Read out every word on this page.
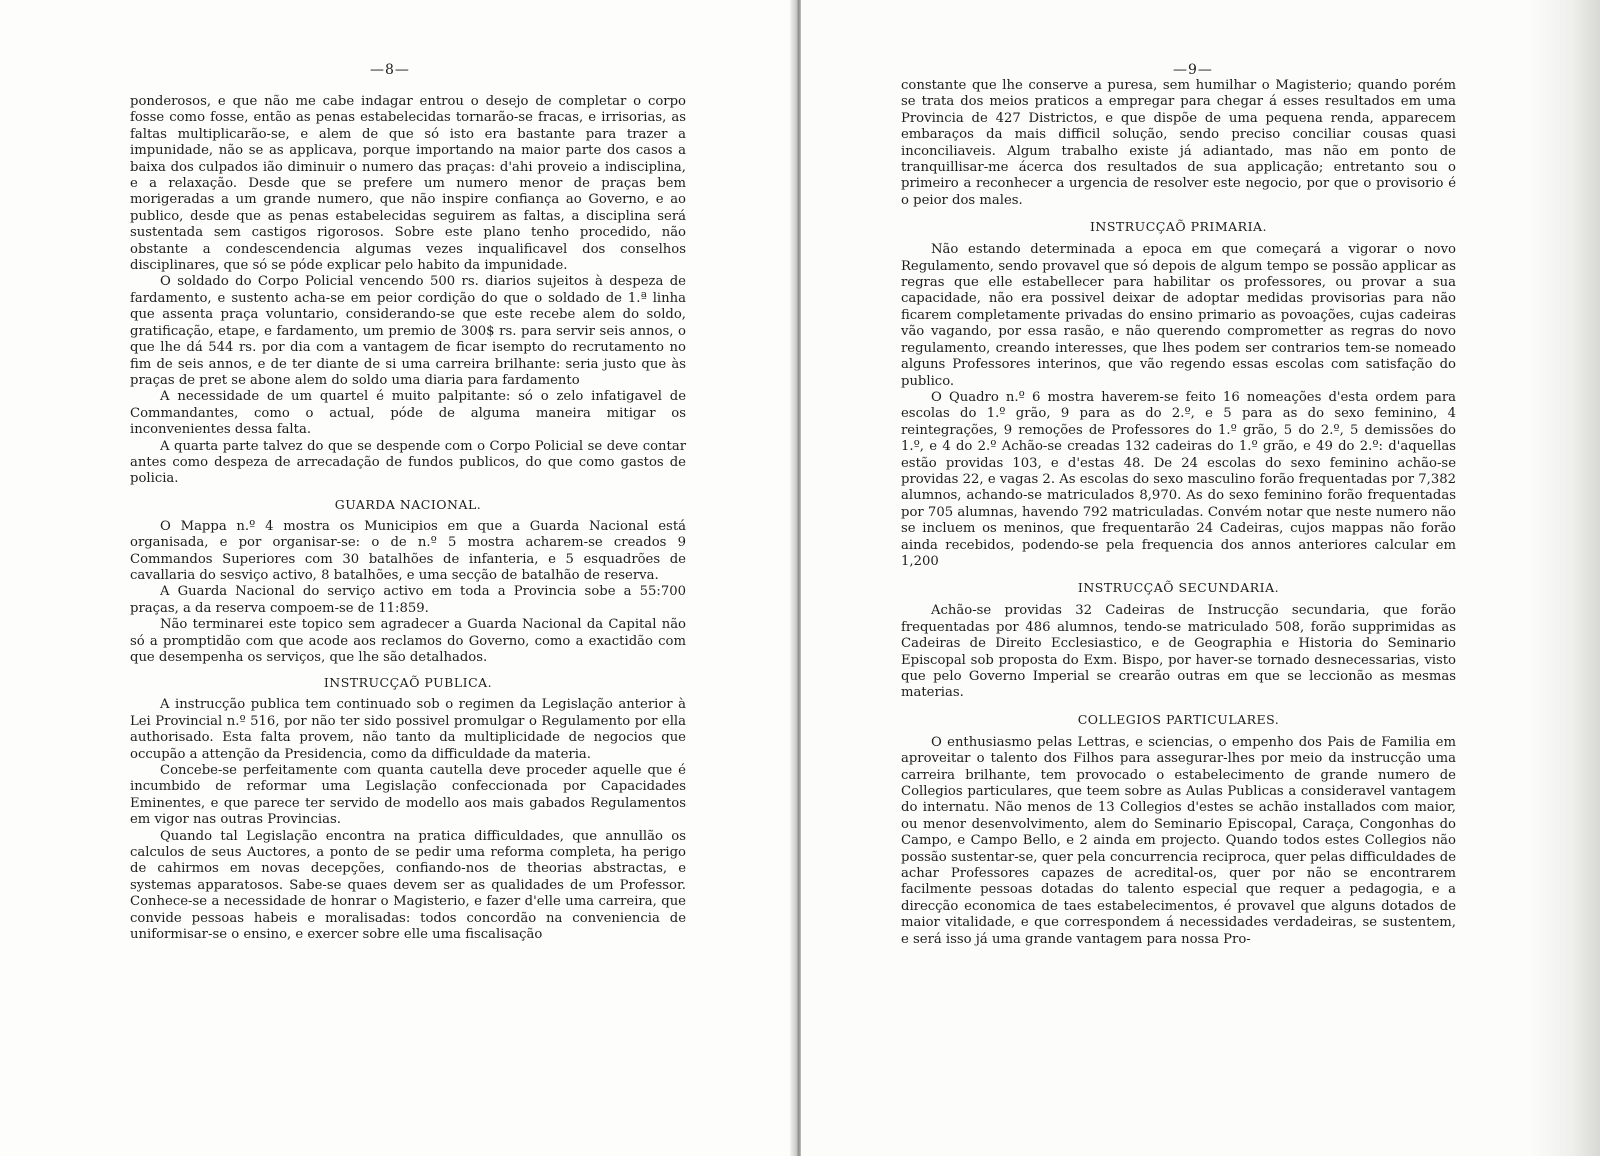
—8—

ponderosos, e que não me cabe indagar entrou o desejo de completar o corpo fosse como fosse, então as penas estabelecidas tornarão-se fracas, e irrisorias, as faltas multiplicarão-se, e alem de que só isto era bastante para trazer a impunidade, não se as applicava, porque importando na maior parte dos casos a baixa dos culpados ião diminuir o numero das praças: d'ahi proveio a indisciplina, e a relaxação. Desde que se prefere um numero menor de praças bem morigeradas a um grande numero, que não inspire confiança ao Governo, e ao publico, desde que as penas estabelecidas seguirem as faltas, a disciplina será sustentada sem castigos rigorosos. Sobre este plano tenho procedido, não obstante a condescendencia algumas vezes inqualificavel dos conselhos disciplinares, que só se póde explicar pelo habito da impunidade.

O soldado do Corpo Policial vencendo 500 rs. diarios sujeitos à despeza de fardamento, e sustento acha-se em peior cordição do que o soldado de 1.ª linha que assenta praça voluntario, considerando-se que este recebe alem do soldo, gratificação, etape, e fardamento, um premio de 300$ rs. para servir seis annos, o que lhe dá 544 rs. por dia com a vantagem de ficar isempto do recrutamento no fim de seis annos, e de ter diante de si uma carreira brilhante: seria justo que às praças de pret se abone alem do soldo uma diaria para fardamento

A necessidade de um quartel é muito palpitante: só o zelo infatigavel de Commandantes, como o actual, póde de alguma maneira mitigar os inconvenientes dessa falta.

A quarta parte talvez do que se despende com o Corpo Policial se deve contar antes como despeza de arrecadação de fundos publicos, do que como gastos de policia.

GUARDA NACIONAL.

O Mappa n.º 4 mostra os Municipios em que a Guarda Nacional está organisada, e por organisar-se: o de n.º 5 mostra acharem-se creados 9 Commandos Superiores com 30 batalhões de infanteria, e 5 esquadrões de cavallaria do sesviço activo, 8 batalhões, e uma secção de batalhão de reserva.

A Guarda Nacional do serviço activo em toda a Provincia sobe a 55:700 praças, a da reserva compoem-se de 11:859.

Não terminarei este topico sem agradecer a Guarda Nacional da Capital não só a promptidão com que acode aos reclamos do Governo, como a exactidão com que desempenha os serviços, que lhe são detalhados.

INSTRUCÇAÕ PUBLICA.

A instrucção publica tem continuado sob o regimen da Legislação anterior à Lei Provincial n.º 516, por não ter sido possivel promulgar o Regulamento por ella authorisado. Esta falta provem, não tanto da multiplicidade de negocios que occupão a attenção da Presidencia, como da difficuldade da materia.

Concebe-se perfeitamente com quanta cautella deve proceder aquelle que é incumbido de reformar uma Legislação confeccionada por Capacidades Eminentes, e que parece ter servido de modello aos mais gabados Regulamentos em vigor nas outras Provincias.

Quando tal Legislação encontra na pratica difficuldades, que annullão os calculos de seus Auctores, a ponto de se pedir uma reforma completa, ha perigo de cahirmos em novas decepções, confiando-nos de theorias abstractas, e systemas apparatosos. Sabe-se quaes devem ser as qualidades de um Professor. Conhece-se a necessidade de honrar o Magisterio, e fazer d'elle uma carreira, que convide pessoas habeis e moralisadas: todos concordão na conveniencia de uniformisar-se o ensino, e exercer sobre elle uma fiscalisação

—9—

constante que lhe conserve a puresa, sem humilhar o Magisterio; quando porém se trata dos meios praticos a empregar para chegar á esses resultados em uma Provincia de 427 Districtos, e que dispõe de uma pequena renda, apparecem embaraços da mais difficil solução, sendo preciso conciliar cousas quasi inconciliaveis. Algum trabalho existe já adiantado, mas não em ponto de tranquillisar-me ácerca dos resultados de sua applicação; entretanto sou o primeiro a reconhecer a urgencia de resolver este negocio, por que o provisorio é o peior dos males.

INSTRUCÇAÕ PRIMARIA.

Não estando determinada a epoca em que começará a vigorar o novo Regulamento, sendo provavel que só depois de algum tempo se possão applicar as regras que elle estabellecer para habilitar os professores, ou provar a sua capacidade, não era possivel deixar de adoptar medidas provisorias para não ficarem completamente privadas do ensino primario as povoações, cujas cadeiras vão vagando, por essa rasão, e não querendo comprometter as regras do novo regulamento, creando interesses, que lhes podem ser contrarios tem-se nomeado alguns Professores interinos, que vão regendo essas escolas com satisfação do publico.

O Quadro n.º 6 mostra haverem-se feito 16 nomeações d'esta ordem para escolas do 1.º grão, 9 para as do 2.º, e 5 para as do sexo feminino, 4 reintegrações, 9 remoções de Professores do 1.º grão, 5 do 2.º, 5 demissões do 1.º, e 4 do 2.º Achão-se creadas 132 cadeiras do 1.º grão, e 49 do 2.º: d'aquellas estão providas 103, e d'estas 48. De 24 escolas do sexo feminino achão-se providas 22, e vagas 2. As escolas do sexo masculino forão frequentadas por 7,382 alumnos, achando-se matriculados 8,970. As do sexo feminino forão frequentadas por 705 alumnas, havendo 792 matriculadas. Convém notar que neste numero não se incluem os meninos, que frequentarão 24 Cadeiras, cujos mappas não forão ainda recebidos, podendo-se pela frequencia dos annos anteriores calcular em 1,200

INSTRUCÇAÕ SECUNDARIA.

Achão-se providas 32 Cadeiras de Instrucção secundaria, que forão frequentadas por 486 alumnos, tendo-se matriculado 508, forão supprimidas as Cadeiras de Direito Ecclesiastico, e de Geographia e Historia do Seminario Episcopal sob proposta do Exm. Bispo, por haver-se tornado desnecessarias, visto que pelo Governo Imperial se crearão outras em que se leccionão as mesmas materias.

COLLEGIOS PARTICULARES.

O enthusiasmo pelas Lettras, e sciencias, o empenho dos Pais de Familia em aproveitar o talento dos Filhos para assegurar-lhes por meio da instrucção uma carreira brilhante, tem provocado o estabelecimento de grande numero de Collegios particulares, que teem sobre as Aulas Publicas a consideravel vantagem do internatu. Não menos de 13 Collegios d'estes se achão installados com maior, ou menor desenvolvimento, alem do Seminario Episcopal, Caraça, Congonhas do Campo, e Campo Bello, e 2 ainda em projecto. Quando todos estes Collegios não possão sustentar-se, quer pela concurrencia reciproca, quer pelas difficuldades de achar Professores capazes de acredital-os, quer por não se encontrarem facilmente pessoas dotadas do talento especial que requer a pedagogia, e a direcção economica de taes estabelecimentos, é provavel que alguns dotados de maior vitalidade, e que correspondem á necessidades verdadeiras, se sustentem, e será isso já uma grande vantagem para nossa Pro-
